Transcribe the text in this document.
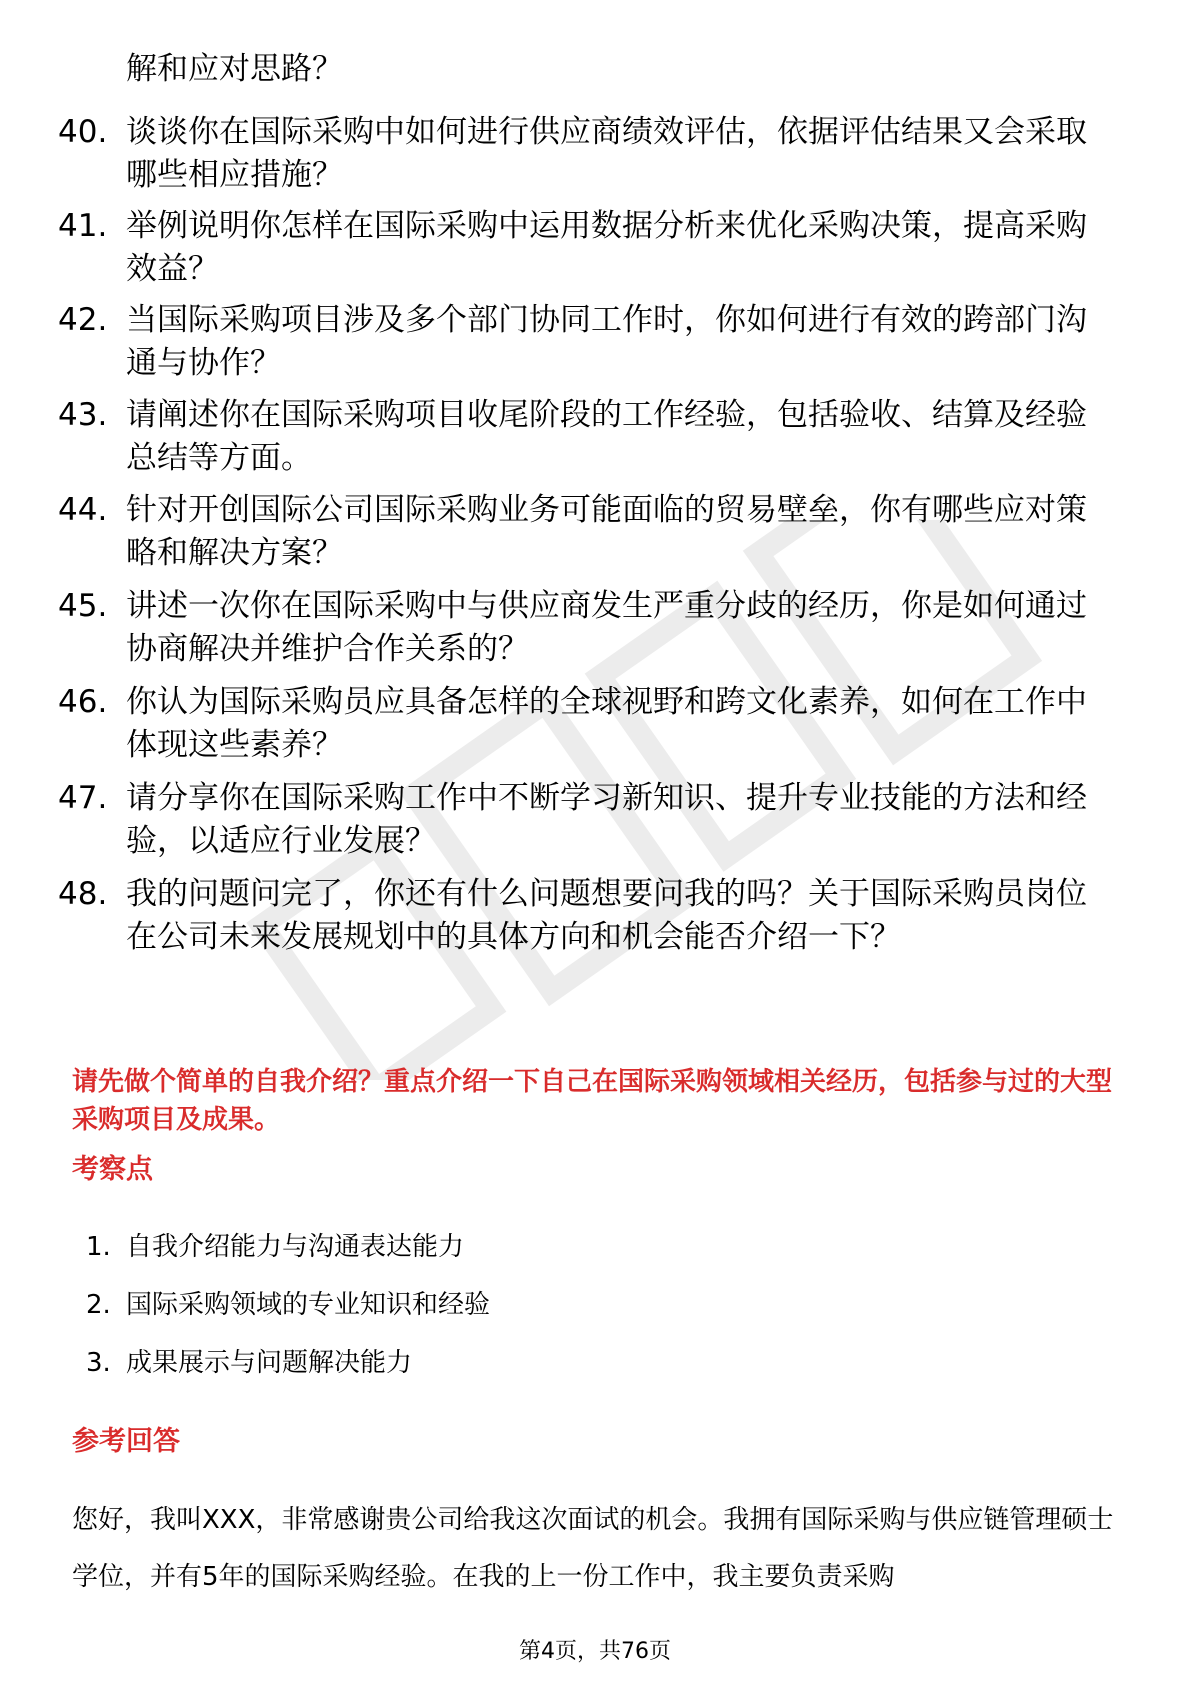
解和应对思路？
40. 谈谈你在国际采购中如何进行供应商绩效评估，依据评估结果又会采取哪些相应措施？
41. 举例说明你怎样在国际采购中运用数据分析来优化采购决策，提高采购效益？
42. 当国际采购项目涉及多个部门协同工作时，你如何进行有效的跨部门沟通与协作？
43. 请阐述你在国际采购项目收尾阶段的工作经验，包括验收、结算及经验总结等方面。
44. 针对开创国际公司国际采购业务可能面临的贸易壁垒，你有哪些应对策略和解决方案？
45. 讲述一次你在国际采购中与供应商发生严重分歧的经历，你是如何通过协商解决并维护合作关系的？
46. 你认为国际采购员应具备怎样的全球视野和跨文化素养，如何在工作中体现这些素养？
47. 请分享你在国际采购工作中不断学习新知识、提升专业技能的方法和经验，以适应行业发展？
48. 我的问题问完了，你还有什么问题想要问我的吗？关于国际采购员岗位在公司未来发展规划中的具体方向和机会能否介绍一下？
请先做个简单的自我介绍？重点介绍一下自己在国际采购领域相关经历，包括参与过的大型采购项目及成果。
考察点
1. 自我介绍能力与沟通表达能力
2. 国际采购领域的专业知识和经验
3. 成果展示与问题解决能力
参考回答
您好，我叫XXX，非常感谢贵公司给我这次面试的机会。我拥有国际采购与供应链管理硕士学位，并有5年的国际采购经验。在我的上一份工作中，我主要负责采购
第4页，共76页
